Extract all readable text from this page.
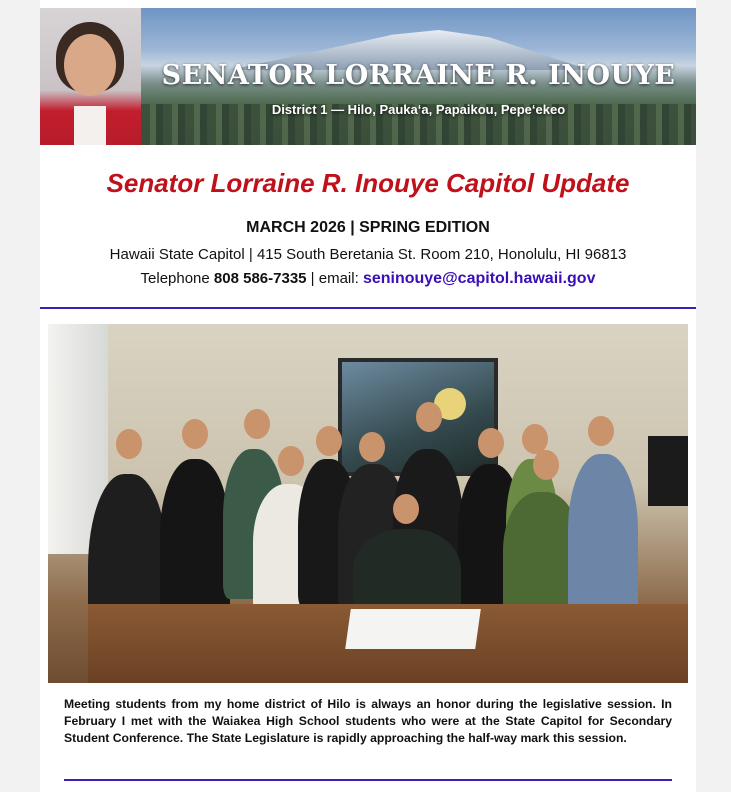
SENATOR LORRAINE R. INOUYE
District 1 — Hilo, Pauka‘a, Papaikou, Pepe‘ekeo
Senator Lorraine R. Inouye Capitol Update
MARCH 2026 | SPRING EDITION
Hawaii State Capitol | 415 South Beretania St. Room 210, Honolulu, HI 96813
Telephone 808 586-7335 | email: seninouye@capitol.hawaii.gov
Meeting students from my home district of Hilo is always an honor during the legislative session. In February I met with the Waiakea High School students who were at the State Capitol for Secondary Student Conference. The State Legislature is rapidly approaching the half-way mark this session.
